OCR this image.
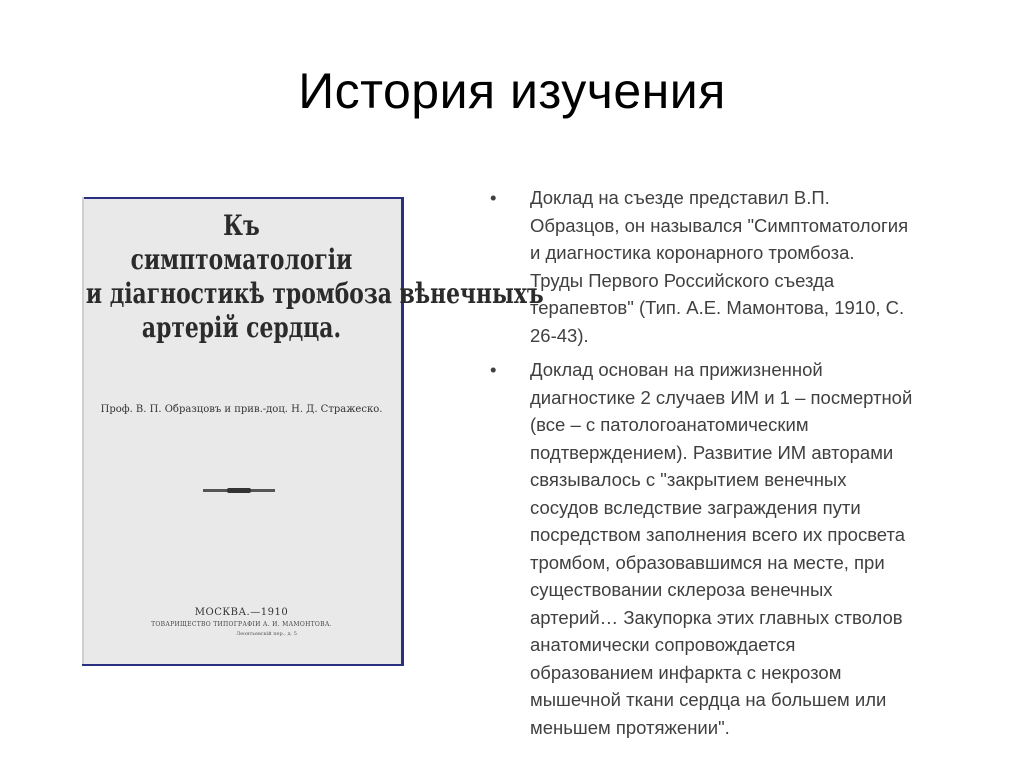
История изучения
Къ симптоматологіи
и діагностикѣ тромбоза вѣнечныхъ
артерій сердца.
Проф. В. П. Образцовъ и прив.-доц. Н. Д. Стражеско.
МОСКВА.—1910
ТОВАРИЩЕСТВО ТИПОГРАФІИ А. И. МАМОНТОВА.
Леонтьевскій пер., д. 5
• Доклад на съезде представил В.П.
Образцов, он назывался "Симптоматология
и диагностика коронарного тромбоза.
Труды Первого Российского съезда
терапевтов" (Тип. А.Е. Мамонтова, 1910, С.
26-43).
• Доклад основан на прижизненной
диагностике 2 случаев ИМ и 1 – посмертной
(все – с патологоанатомическим
подтверждением). Развитие ИМ авторами
связывалось с "закрытием венечных
сосудов вследствие заграждения пути
посредством заполнения всего их просвета
тромбом, образовавшимся на месте, при
существовании склероза венечных
артерий… Закупорка этих главных стволов
анатомически сопровождается
образованием инфаркта с некрозом
мышечной ткани сердца на большем или
меньшем протяжении".
